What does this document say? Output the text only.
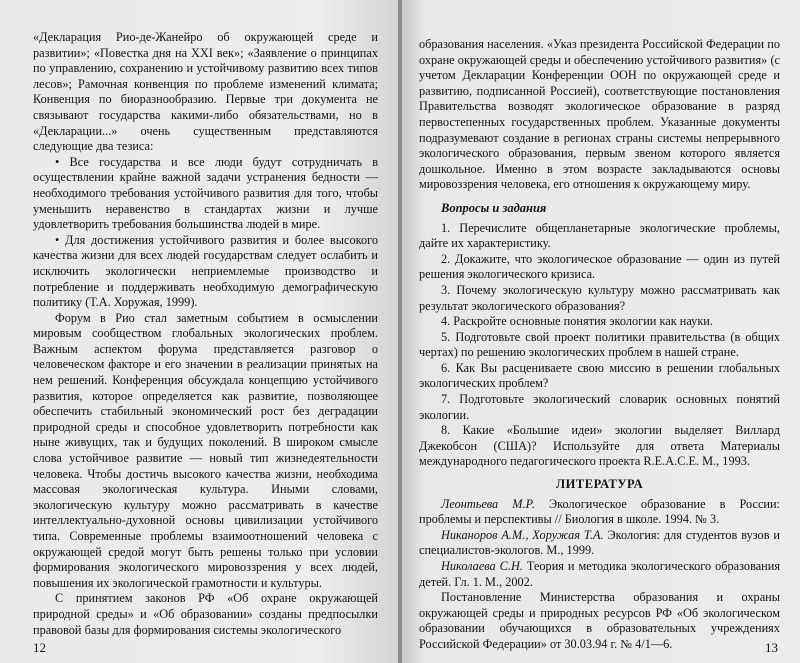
«Декларация Рио-де-Жанейро об окружающей среде и развитии»; «Повестка дня на XXI век»; «Заявление о принципах по управлению, сохранению и устойчивому развитию всех типов лесов»; Рамочная конвенция по проблеме изменений климата; Конвенция по биоразнообразию. Первые три документа не связывают государства какими-либо обязательствами, но в «Декларации...» очень существенным представляются следующие два тезиса:

• Все государства и все люди будут сотрудничать в осуществлении крайне важной задачи устранения бедности — необходимого требования устойчивого развития для того, чтобы уменьшить неравенство в стандартах жизни и лучше удовлетворить требования большинства людей в мире.

• Для достижения устойчивого развития и более высокого качества жизни для всех людей государствам следует ослабить и исключить экологически неприемлемые производство и потребление и поддерживать необходимую демографическую политику (Т.А. Хоружая, 1999).

Форум в Рио стал заметным событием в осмыслении мировым сообществом глобальных экологических проблем. Важным аспектом форума представляется разговор о человеческом факторе и его значении в реализации принятых на нем решений. Конференция обсуждала концепцию устойчивого развития, которое определяется как развитие, позволяющее обеспечить стабильный экономический рост без деградации природной среды и способное удовлетворить потребности как ныне живущих, так и будущих поколений. В широком смысле слова устойчивое развитие — новый тип жизнедеятельности человека. Чтобы достичь высокого качества жизни, необходима массовая экологическая культура. Иными словами, экологическую культуру можно рассматривать в качестве интеллектуально-духовной основы цивилизации устойчивого типа. Современные проблемы взаимоотношений человека с окружающей средой могут быть решены только при условии формирования экологического мировоззрения у всех людей, повышения их экологической грамотности и культуры.

С принятием законов РФ «Об охране окружающей природной среды» и «Об образовании» созданы предпосылки правовой базы для формирования системы экологического

12

образования населения. «Указ президента Российской Федерации по охране окружающей среды и обеспечению устойчивого развития» (с учетом Декларации Конференции ООН по окружающей среде и развитию, подписанной Россией), соответствующие постановления Правительства возводят экологическое образование в разряд первостепенных государственных проблем. Указанные документы подразумевают создание в регионах страны системы непрерывного экологического образования, первым звеном которого является дошкольное. Именно в этом возрасте закладываются основы мировоззрения человека, его отношения к окружающему миру.

Вопросы и задания
1. Перечислите общепланетарные экологические проблемы, дайте их характеристику.
2. Докажите, что экологическое образование — один из путей решения экологического кризиса.
3. Почему экологическую культуру можно рассматривать как результат экологического образования?
4. Раскройте основные понятия экологии как науки.
5. Подготовьте свой проект политики правительства (в общих чертах) по решению экологических проблем в нашей стране.
6. Как Вы расцениваете свою миссию в решении глобальных экологических проблем?
7. Подготовьте экологический словарик основных понятий экологии.
8. Какие «Большие идеи» экологии выделяет Виллард Джекобсон (США)? Используйте для ответа Материалы международного педагогического проекта R.E.A.C.E. М., 1993.
ЛИТЕРАТУРА

Леонтьева М.Р. Экологическое образование в России: проблемы и перспективы // Биология в школе. 1994. № 3.

Никаноров А.М., Хоружая Т.А. Экология: для студентов вузов и специалистов-экологов. М., 1999.

Николаева С.Н. Теория и методика экологического образования детей. Гл. 1. М., 2002.

Постановление Министерства образования и охраны окружающей среды и природных ресурсов РФ «Об экологическом образовании обучающихся в образовательных учреждениях Российской Федерации» от 30.03.94 г. № 4/1—6.	13
